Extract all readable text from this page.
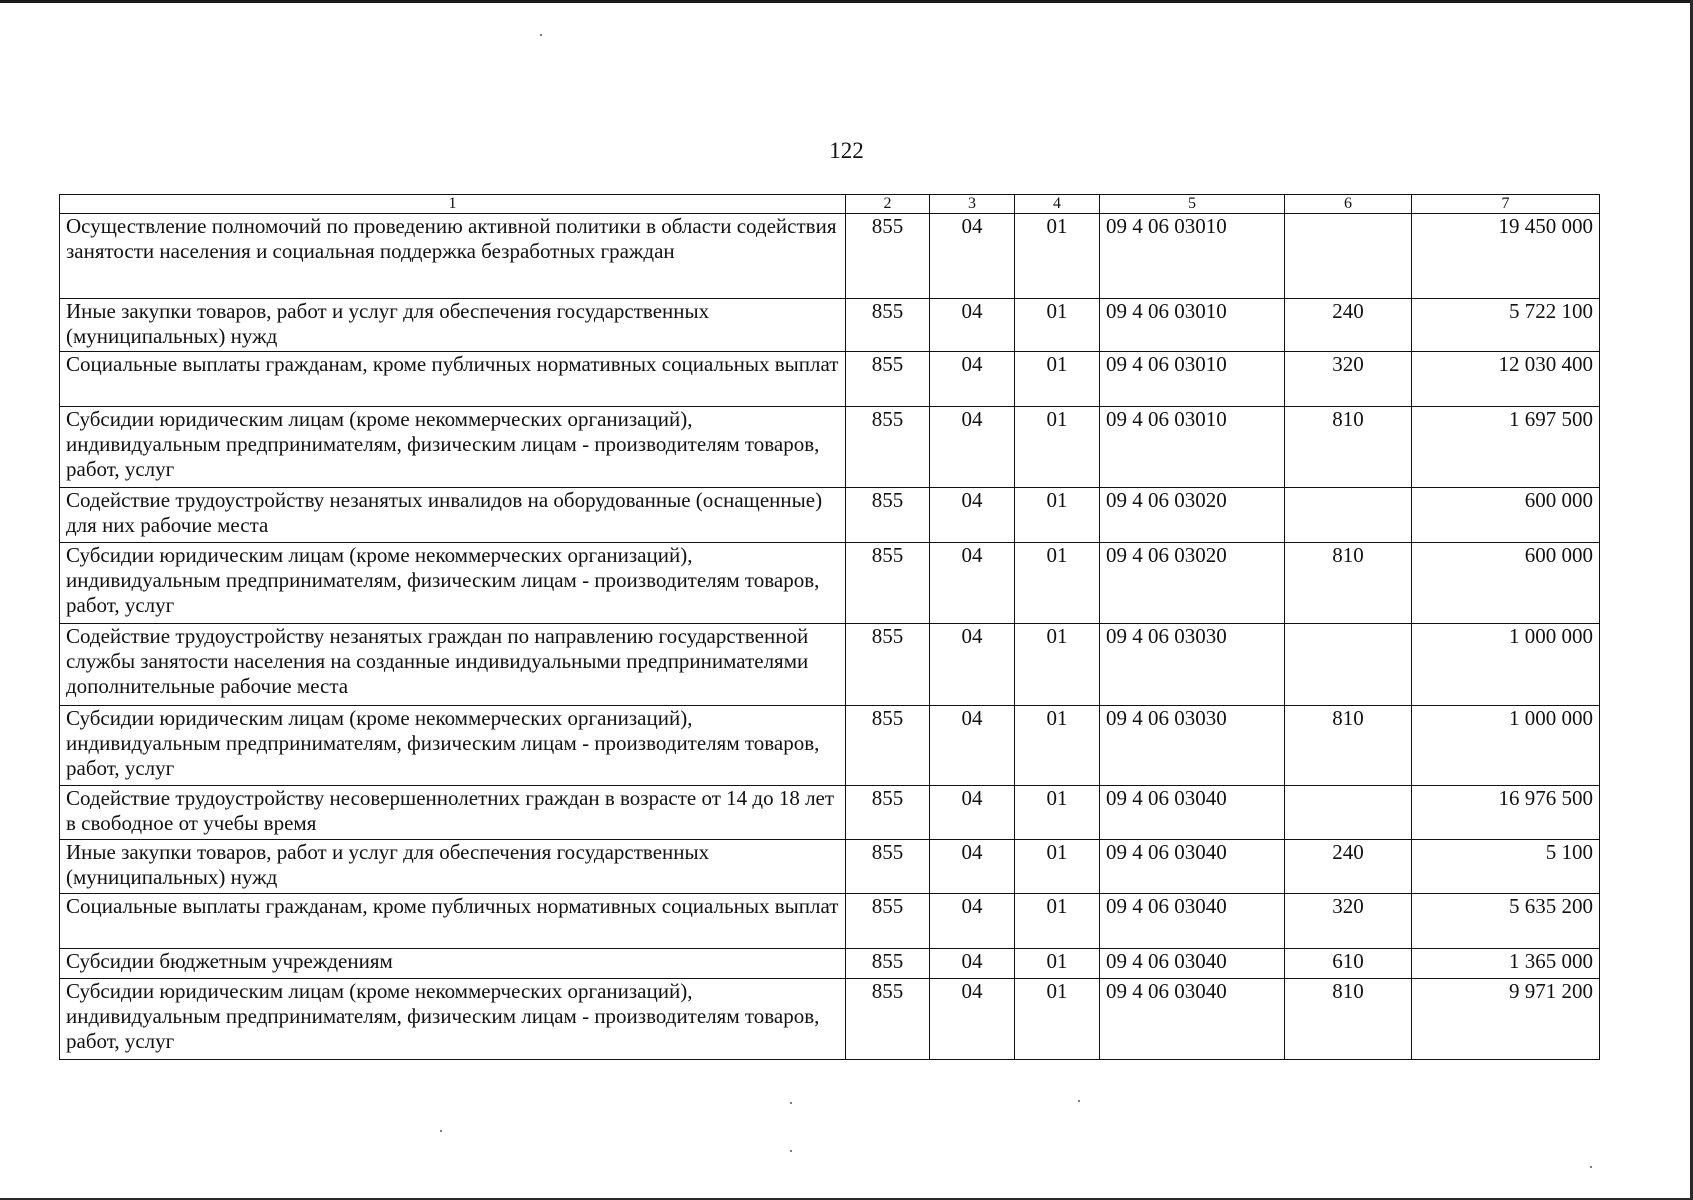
122
1	2	3	4	5	6	7
Осуществление полномочий по проведению активной политики в области содействия занятости населения и социальная поддержка безработных граждан	855	04	01	09 4 06 03010		19 450 000
Иные закупки товаров, работ и услуг для обеспечения государственных (муниципальных) нужд	855	04	01	09 4 06 03010	240	5 722 100
Социальные выплаты гражданам, кроме публичных нормативных социальных выплат	855	04	01	09 4 06 03010	320	12 030 400
Субсидии юридическим лицам (кроме некоммерческих организаций), индивидуальным предпринимателям, физическим лицам - производителям товаров, работ, услуг	855	04	01	09 4 06 03010	810	1 697 500
Содействие трудоустройству незанятых инвалидов на оборудованные (оснащенные) для них рабочие места	855	04	01	09 4 06 03020		600 000
Субсидии юридическим лицам (кроме некоммерческих организаций), индивидуальным предпринимателям, физическим лицам - производителям товаров, работ, услуг	855	04	01	09 4 06 03020	810	600 000
Содействие трудоустройству незанятых граждан по направлению государственной службы занятости населения на созданные индивидуальными предпринимателями дополнительные рабочие места	855	04	01	09 4 06 03030		1 000 000
Субсидии юридическим лицам (кроме некоммерческих организаций), индивидуальным предпринимателям, физическим лицам - производителям товаров, работ, услуг	855	04	01	09 4 06 03030	810	1 000 000
Содействие трудоустройству несовершеннолетних граждан в возрасте от 14 до 18 лет в свободное от учебы время	855	04	01	09 4 06 03040		16 976 500
Иные закупки товаров, работ и услуг для обеспечения государственных (муниципальных) нужд	855	04	01	09 4 06 03040	240	5 100
Социальные выплаты гражданам, кроме публичных нормативных социальных выплат	855	04	01	09 4 06 03040	320	5 635 200
Субсидии бюджетным учреждениям	855	04	01	09 4 06 03040	610	1 365 000
Субсидии юридическим лицам (кроме некоммерческих организаций), индивидуальным предпринимателям, физическим лицам - производителям товаров, работ, услуг	855	04	01	09 4 06 03040	810	9 971 200
